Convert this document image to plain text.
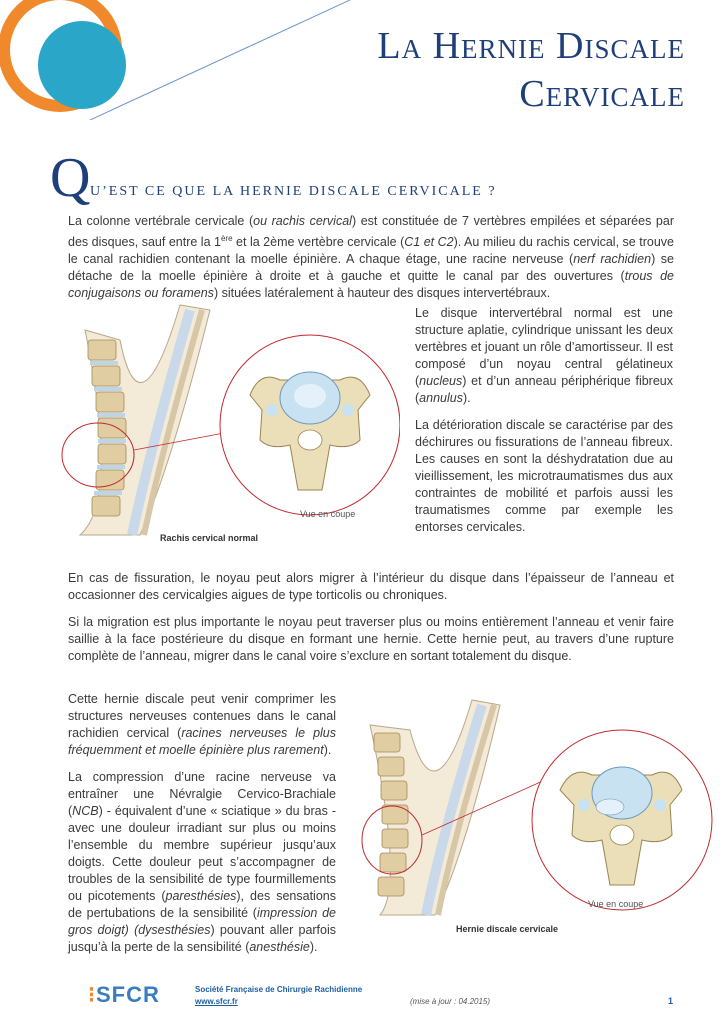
La Hernie Discale
Cervicale
Q U’EST CE QUE LA HERNIE DISCALE CERVICALE ?

La colonne vertébrale cervicale (ou rachis cervical) est constituée de 7 vertèbres empilées et séparées par des disques, sauf entre la 1ère et la 2ème vertèbre cervicale (C1 et C2). Au milieu du rachis cervical, se trouve le canal rachidien contenant la moelle épinière. A chaque étage, une racine nerveuse (nerf rachidien) se détache de la moelle épinière à droite et à gauche et quitte le canal par des ouvertures (trous de conjugaisons ou foramens) situées latéralement à hauteur des disques intervertébraux.

Vue en coupe
Rachis cervical normal

Le disque intervertébral normal est une structure aplatie, cylindrique unissant les deux vertèbres et jouant un rôle d’amortisseur. Il est composé d’un noyau central gélatineux (nucleus) et d’un anneau périphérique fibreux (annulus).

La détérioration discale se caractérise par des déchirures ou fissurations de l’anneau fibreux. Les causes en sont la déshydratation due au vieillissement, les microtraumatismes dus aux contraintes de mobilité et parfois aussi les traumatismes comme par exemple les entorses cervicales.

En cas de fissuration, le noyau peut alors migrer à l’intérieur du disque dans l’épaisseur de l’anneau et occasionner des cervicalgies aigues de type torticolis ou chroniques.

Si la migration est plus importante le noyau peut traverser plus ou moins entièrement l’anneau et venir faire saillie à la face postérieure du disque en formant une hernie. Cette hernie peut, au travers d’une rupture complète de l’anneau, migrer dans le canal voire s’exclure en sortant totalement du disque.

Cette hernie discale peut venir comprimer les structures nerveuses contenues dans le canal rachidien cervical (racines nerveuses le plus fréquemment et moelle épinière plus rarement).

La compression d’une racine nerveuse va entraîner une Névralgie Cervico-Brachiale (NCB) - équivalent d’une « sciatique » du bras - avec une douleur irradiant sur plus ou moins l’ensemble du membre supérieur jusqu’aux doigts. Cette douleur peut s’accompagner de troubles de la sensibilité de type fourmillements ou picotements (paresthésies), des sensations de pertubations de la sensibilité (impression de gros doigt) (dysesthésies) pouvant aller parfois jusqu’à la perte de la sensibilité (anesthésie).

Vue en coupe
Hernie discale cervicale
⁝SFCR	Société Française de Chirurgie Rachidienne
www.sfcr.fr	(mise à jour : 04.2015)	1
